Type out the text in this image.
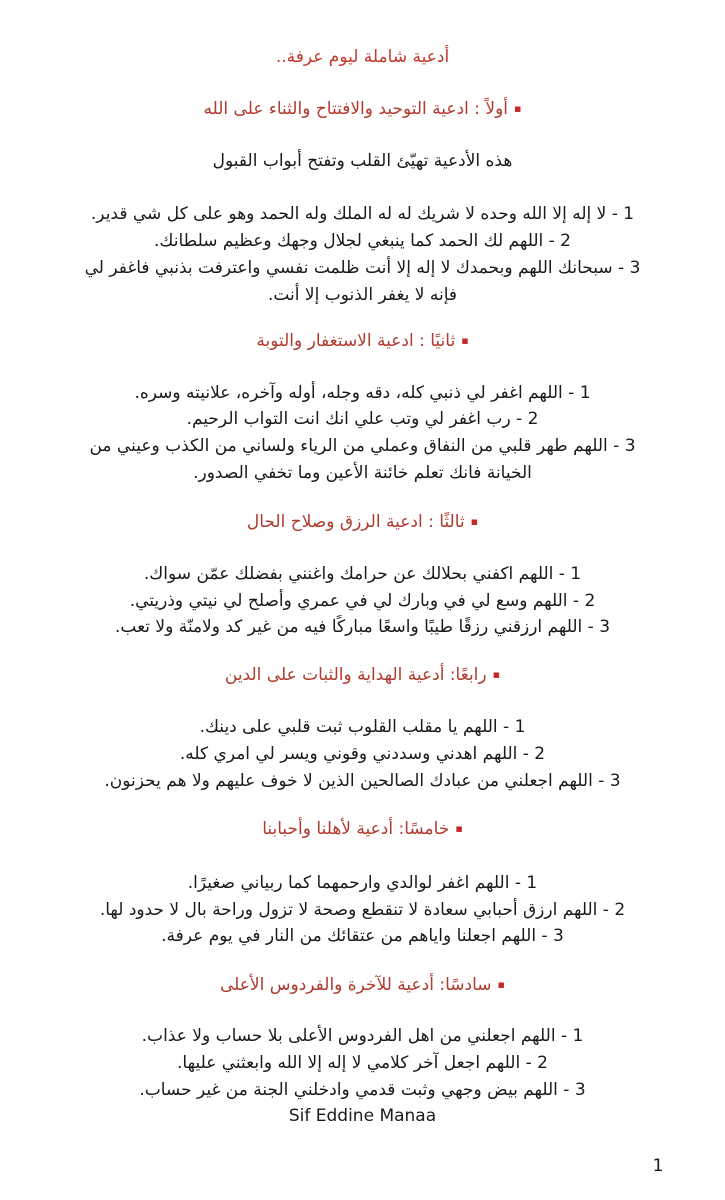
أدعية شاملة ليوم عرفة..
▪أولاً : ادعية التوحيد والافتتاح والثناء على الله
هذه الأدعية تهيّئ القلب وتفتح أبواب القبول
1 - لا إله إلا الله وحده لا شريك له له الملك وله الحمد وهو على كل شي قدير.
2 - اللهم لك الحمد كما ينبغي لجلال وجهك وعظيم سلطانك.
3 - سبحانك اللهم وبحمدك لا إله إلا أنت ظلمت نفسي واعترفت بذنبي فاغفر لي
فإنه لا يغفر الذنوب إلا أنت.
▪ثانيًا : ادعية الاستغفار والتوبة
1 - اللهم اغفر لي ذنبي كله، دقه وجله، أوله وآخره، علانيته وسره.
2 - رب اغفر لي وتب علي انك انت التواب الرحيم.
3 - اللهم طهر قلبي من النفاق وعملي من الرياء ولساني من الكذب وعيني من
الخيانة فانك تعلم خائنة الأعين وما تخفي الصدور.
▪ثالثًا : ادعية الرزق وصلاح الحال
1 - اللهم اكفني بحلالك عن حرامك واغنني بفضلك عمّن سواك.
2 - اللهم وسع لي في وبارك لي في عمري وأصلح لي نيتي وذريتي.
3 - اللهم ارزقني رزقًا طيبًا واسعًا مباركًا فيه من غير كد ولامنّة ولا تعب.
▪رابعًا: أدعية الهداية والثبات على الدين
1 - اللهم يا مقلب القلوب ثبت قلبي على دينك.
2 - اللهم اهدني وسددني وقوني ويسر لي امري كله.
3 - اللهم اجعلني من عبادك الصالحين الذين لا خوف عليهم ولا هم يحزنون.
▪خامسًا: أدعية لأهلنا وأحبابنا
1 - اللهم اغفر لوالدي وارحمهما كما ربياني صغيرًا.
2 - اللهم ارزق أحبابي سعادة لا تنقطع وصحة لا تزول وراحة بال لا حدود لها.
3 - اللهم اجعلنا واياهم من عتقائك من النار في يوم عرفة.
▪سادسًا: أدعية للآخرة والفردوس الأعلى
1 - اللهم اجعلني من اهل الفردوس الأعلى بلا حساب ولا عذاب.
2 - اللهم اجعل آخر كلامي لا إله إلا الله وابعثني عليها.
3 - اللهم بيض وجهي وثبت قدمي وادخلني الجنة من غير حساب.
Sif Eddine Manaa
1
